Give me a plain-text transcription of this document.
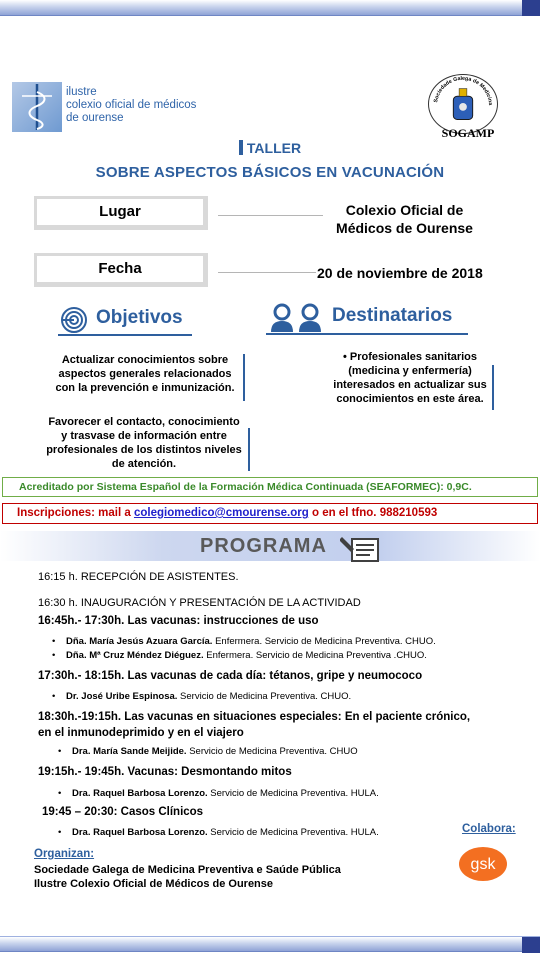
ilustre
colexio oficial de médicos
de ourense
Sociedade Galega de Medicina r ti
SOGAMP
TALLER
SOBRE ASPECTOS BÁSICOS EN VACUNACIÓN
Lugar	Colexio Oficial de
Médicos de Ourense
Fecha	20 de noviembre de 2018
Objetivos	Destinatarios
Actualizar conocimientos sobre
aspectos generales relacionados
con la prevención e inmunización.
Favorecer el contacto, conocimiento
y trasvase de información entre
profesionales de los distintos niveles
de atención.
• Profesionales sanitarios
(medicina y enfermería)
interesados en actualizar sus
conocimientos en este área.
Acreditado por Sistema Español de la Formación Médica Continuada (SEAFORMEC): 0,9C.
Inscripciones: mail a colegiomedico@cmourense.org o en el tfno. 988210593
PROGRAMA
16:15 h. RECEPCIÓN DE ASISTENTES.
16:30 h. INAUGURACIÓN Y PRESENTACIÓN DE LA ACTIVIDAD
16:45h.- 17:30h. Las vacunas: instrucciones de uso
• Dña. María Jesús Azuara García. Enfermera. Servicio de Medicina Preventiva. CHUO.
• Dña. Mª Cruz Méndez Diéguez. Enfermera. Servicio de Medicina Preventiva .CHUO.
17:30h.- 18:15h. Las vacunas de cada día: tétanos, gripe y neumococo
• Dr. José Uribe Espinosa. Servicio de Medicina Preventiva. CHUO.
18:30h.-19:15h. Las vacunas en situaciones especiales: En el paciente crónico,
en el inmunodeprimido y en el viajero
• Dra. María Sande Meijide. Servicio de Medicina Preventiva. CHUO
19:15h.- 19:45h. Vacunas: Desmontando mitos
• Dra. Raquel Barbosa Lorenzo. Servicio de Medicina Preventiva. HULA.
19:45 – 20:30: Casos Clínicos
• Dra. Raquel Barbosa Lorenzo. Servicio de Medicina Preventiva. HULA.	Colabora:
gsk
Organizan:
Sociedade Galega de Medicina Preventiva e Saúde Pública
Ilustre Colexio Oficial de Médicos de Ourense
